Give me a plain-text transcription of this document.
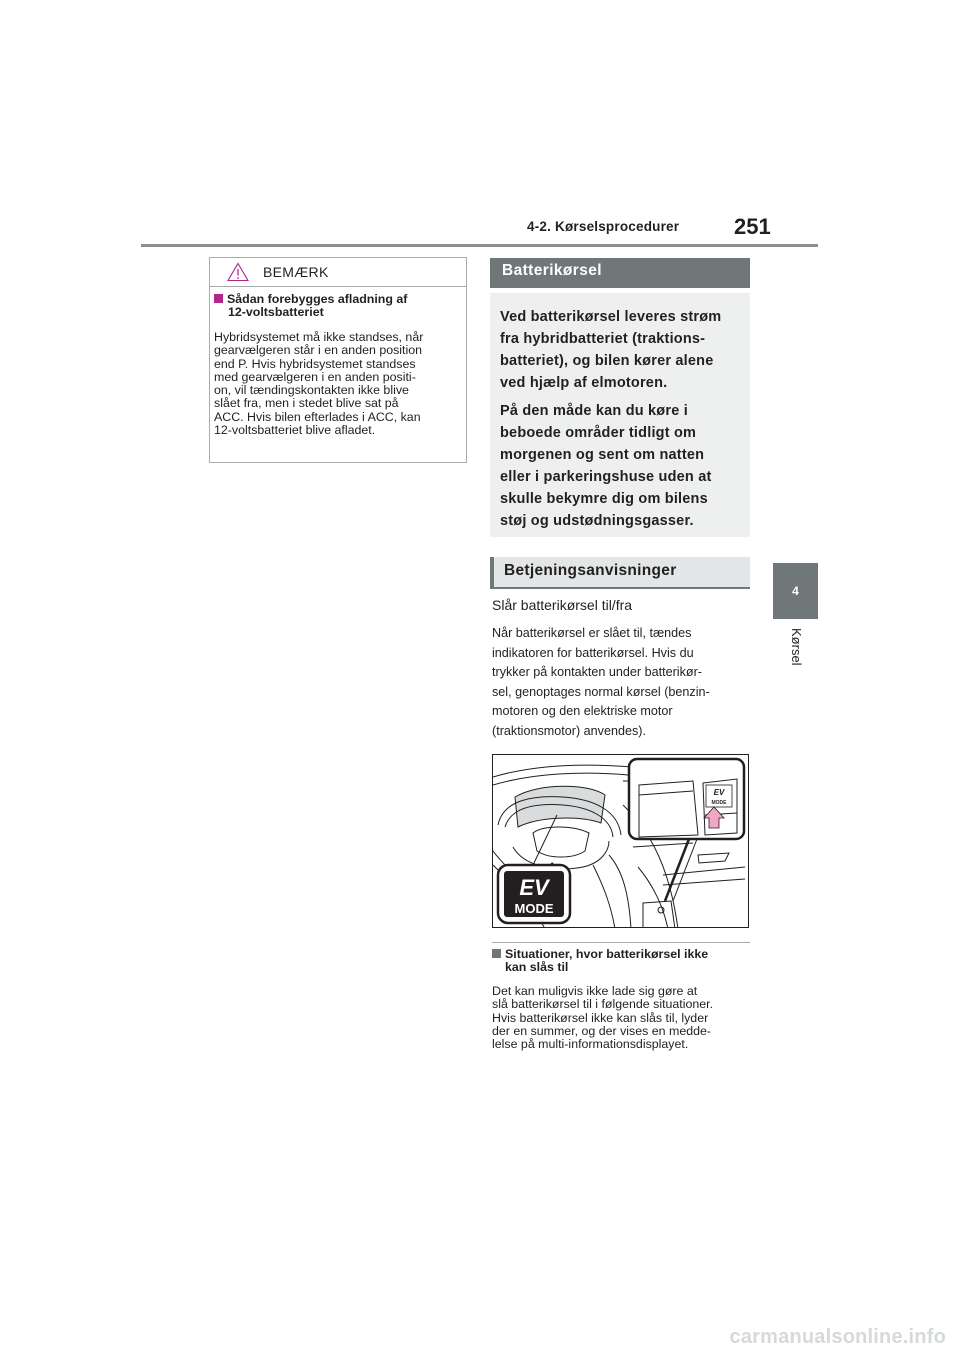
4-2. Kørselsprocedurer 251
4
Kørsel
BEMÆRK
Sådan forebygges afladning af
12-voltsbatteriet
Hybridsystemet må ikke standses, når
gearvælgeren står i en anden position
end P. Hvis hybridsystemet standses
med gearvælgeren i en anden positi-
on, vil tændingskontakten ikke blive
slået fra, men i stedet blive sat på
ACC. Hvis bilen efterlades i ACC, kan
12-voltsbatteriet blive afladet.
Batterikørsel

Ved batterikørsel leveres strøm
fra hybridbatteriet (traktions-
batteriet), og bilen kører alene
ved hjælp af elmotoren.

På den måde kan du køre i
beboede områder tidligt om
morgenen og sent om natten
eller i parkeringshuse uden at
skulle bekymre dig om bilens
støj og udstødningsgasser.

Betjeningsanvisninger
Slår batterikørsel til/fra
Når batterikørsel er slået til, tændes
indikatoren for batterikørsel. Hvis du
trykker på kontakten under batterikør-
sel, genoptages normal kørsel (benzin-
motoren og den elektriske motor
(traktionsmotor) anvendes).
EV
MODE
EV
MODE
Situationer, hvor batterikørsel ikke
kan slås til
Det kan muligvis ikke lade sig gøre at
slå batterikørsel til i følgende situationer.
Hvis batterikørsel ikke kan slås til, lyder
der en summer, og der vises en medde-
lelse på multi-informationsdisplayet.
carmanualsonline.info
